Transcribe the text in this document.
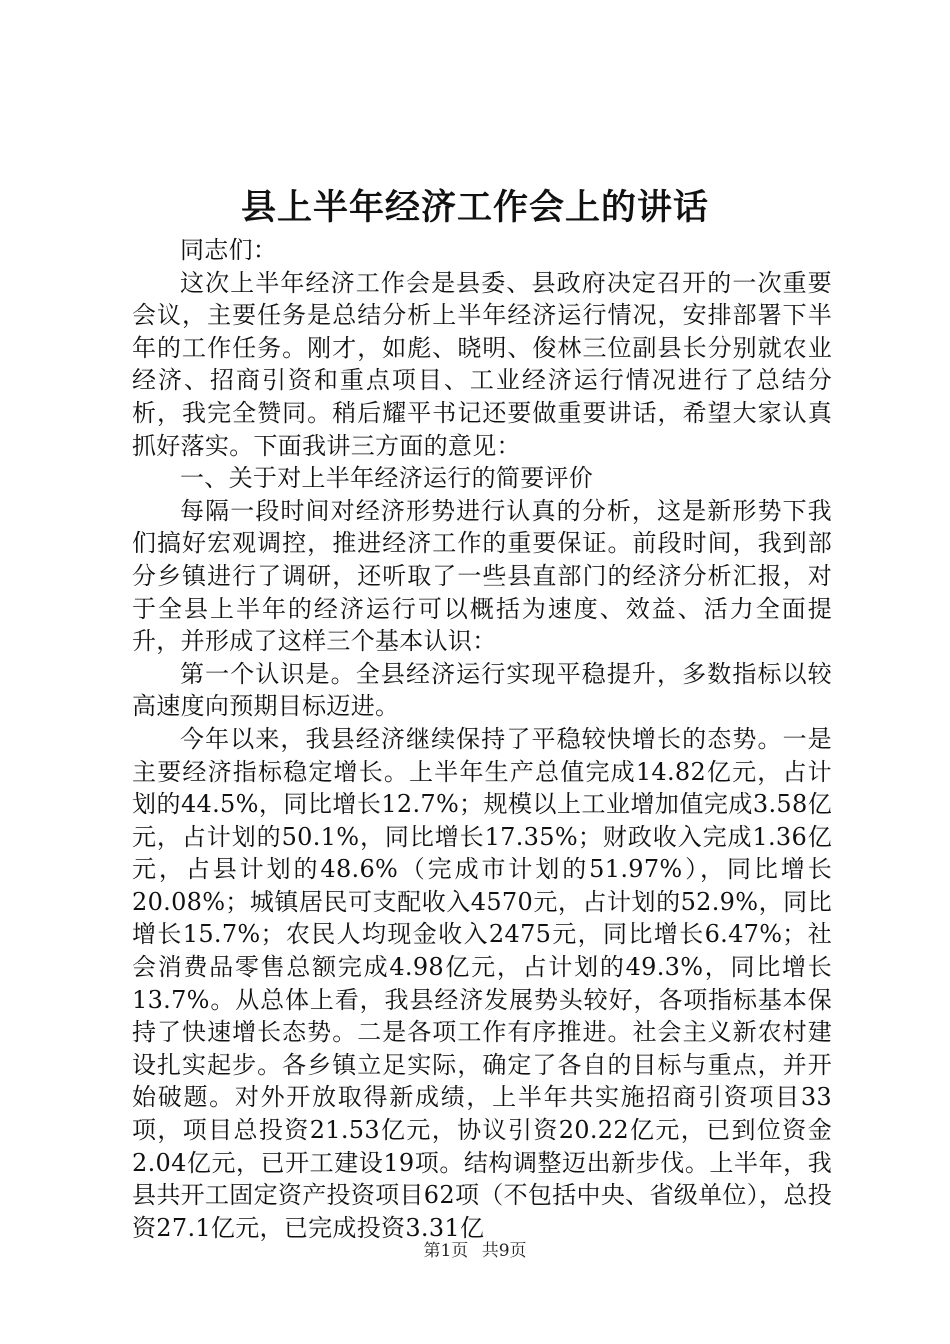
县上半年经济工作会上的讲话

同志们：

这次上半年经济工作会是县委、县政府决定召开的一次重要会议，主要任务是总结分析上半年经济运行情况，安排部署下半年的工作任务。刚才，如彪、晓明、俊林三位副县长分别就农业经济、招商引资和重点项目、工业经济运行情况进行了总结分析，我完全赞同。稍后耀平书记还要做重要讲话，希望大家认真抓好落实。下面我讲三方面的意见：

一、关于对上半年经济运行的简要评价

每隔一段时间对经济形势进行认真的分析，这是新形势下我们搞好宏观调控，推进经济工作的重要保证。前段时间，我到部分乡镇进行了调研，还听取了一些县直部门的经济分析汇报，对于全县上半年的经济运行可以概括为速度、效益、活力全面提升，并形成了这样三个基本认识：

第一个认识是。全县经济运行实现平稳提升，多数指标以较高速度向预期目标迈进。

今年以来，我县经济继续保持了平稳较快增长的态势。一是主要经济指标稳定增长。上半年生产总值完成14.82亿元，占计划的44.5%，同比增长12.7%；规模以上工业增加值完成3.58亿元，占计划的50.1%，同比增长17.35%；财政收入完成1.36亿元，占县计划的48.6%（完成市计划的51.97%），同比增长20.08%；城镇居民可支配收入4570元，占计划的52.9%，同比增长15.7%；农民人均现金收入2475元，同比增长6.47%；社会消费品零售总额完成4.98亿元，占计划的49.3%，同比增长13.7%。从总体上看，我县经济发展势头较好，各项指标基本保持了快速增长态势。二是各项工作有序推进。社会主义新农村建设扎实起步。各乡镇立足实际，确定了各自的目标与重点，并开始破题。对外开放取得新成绩，上半年共实施招商引资项目33项，项目总投资21.53亿元，协议引资20.22亿元，已到位资金2.04亿元，已开工建设19项。结构调整迈出新步伐。上半年，我县共开工固定资产投资项目62项（不包括中央、省级单位），总投资27.1亿元，已完成投资3.31亿

第1页 共9页
